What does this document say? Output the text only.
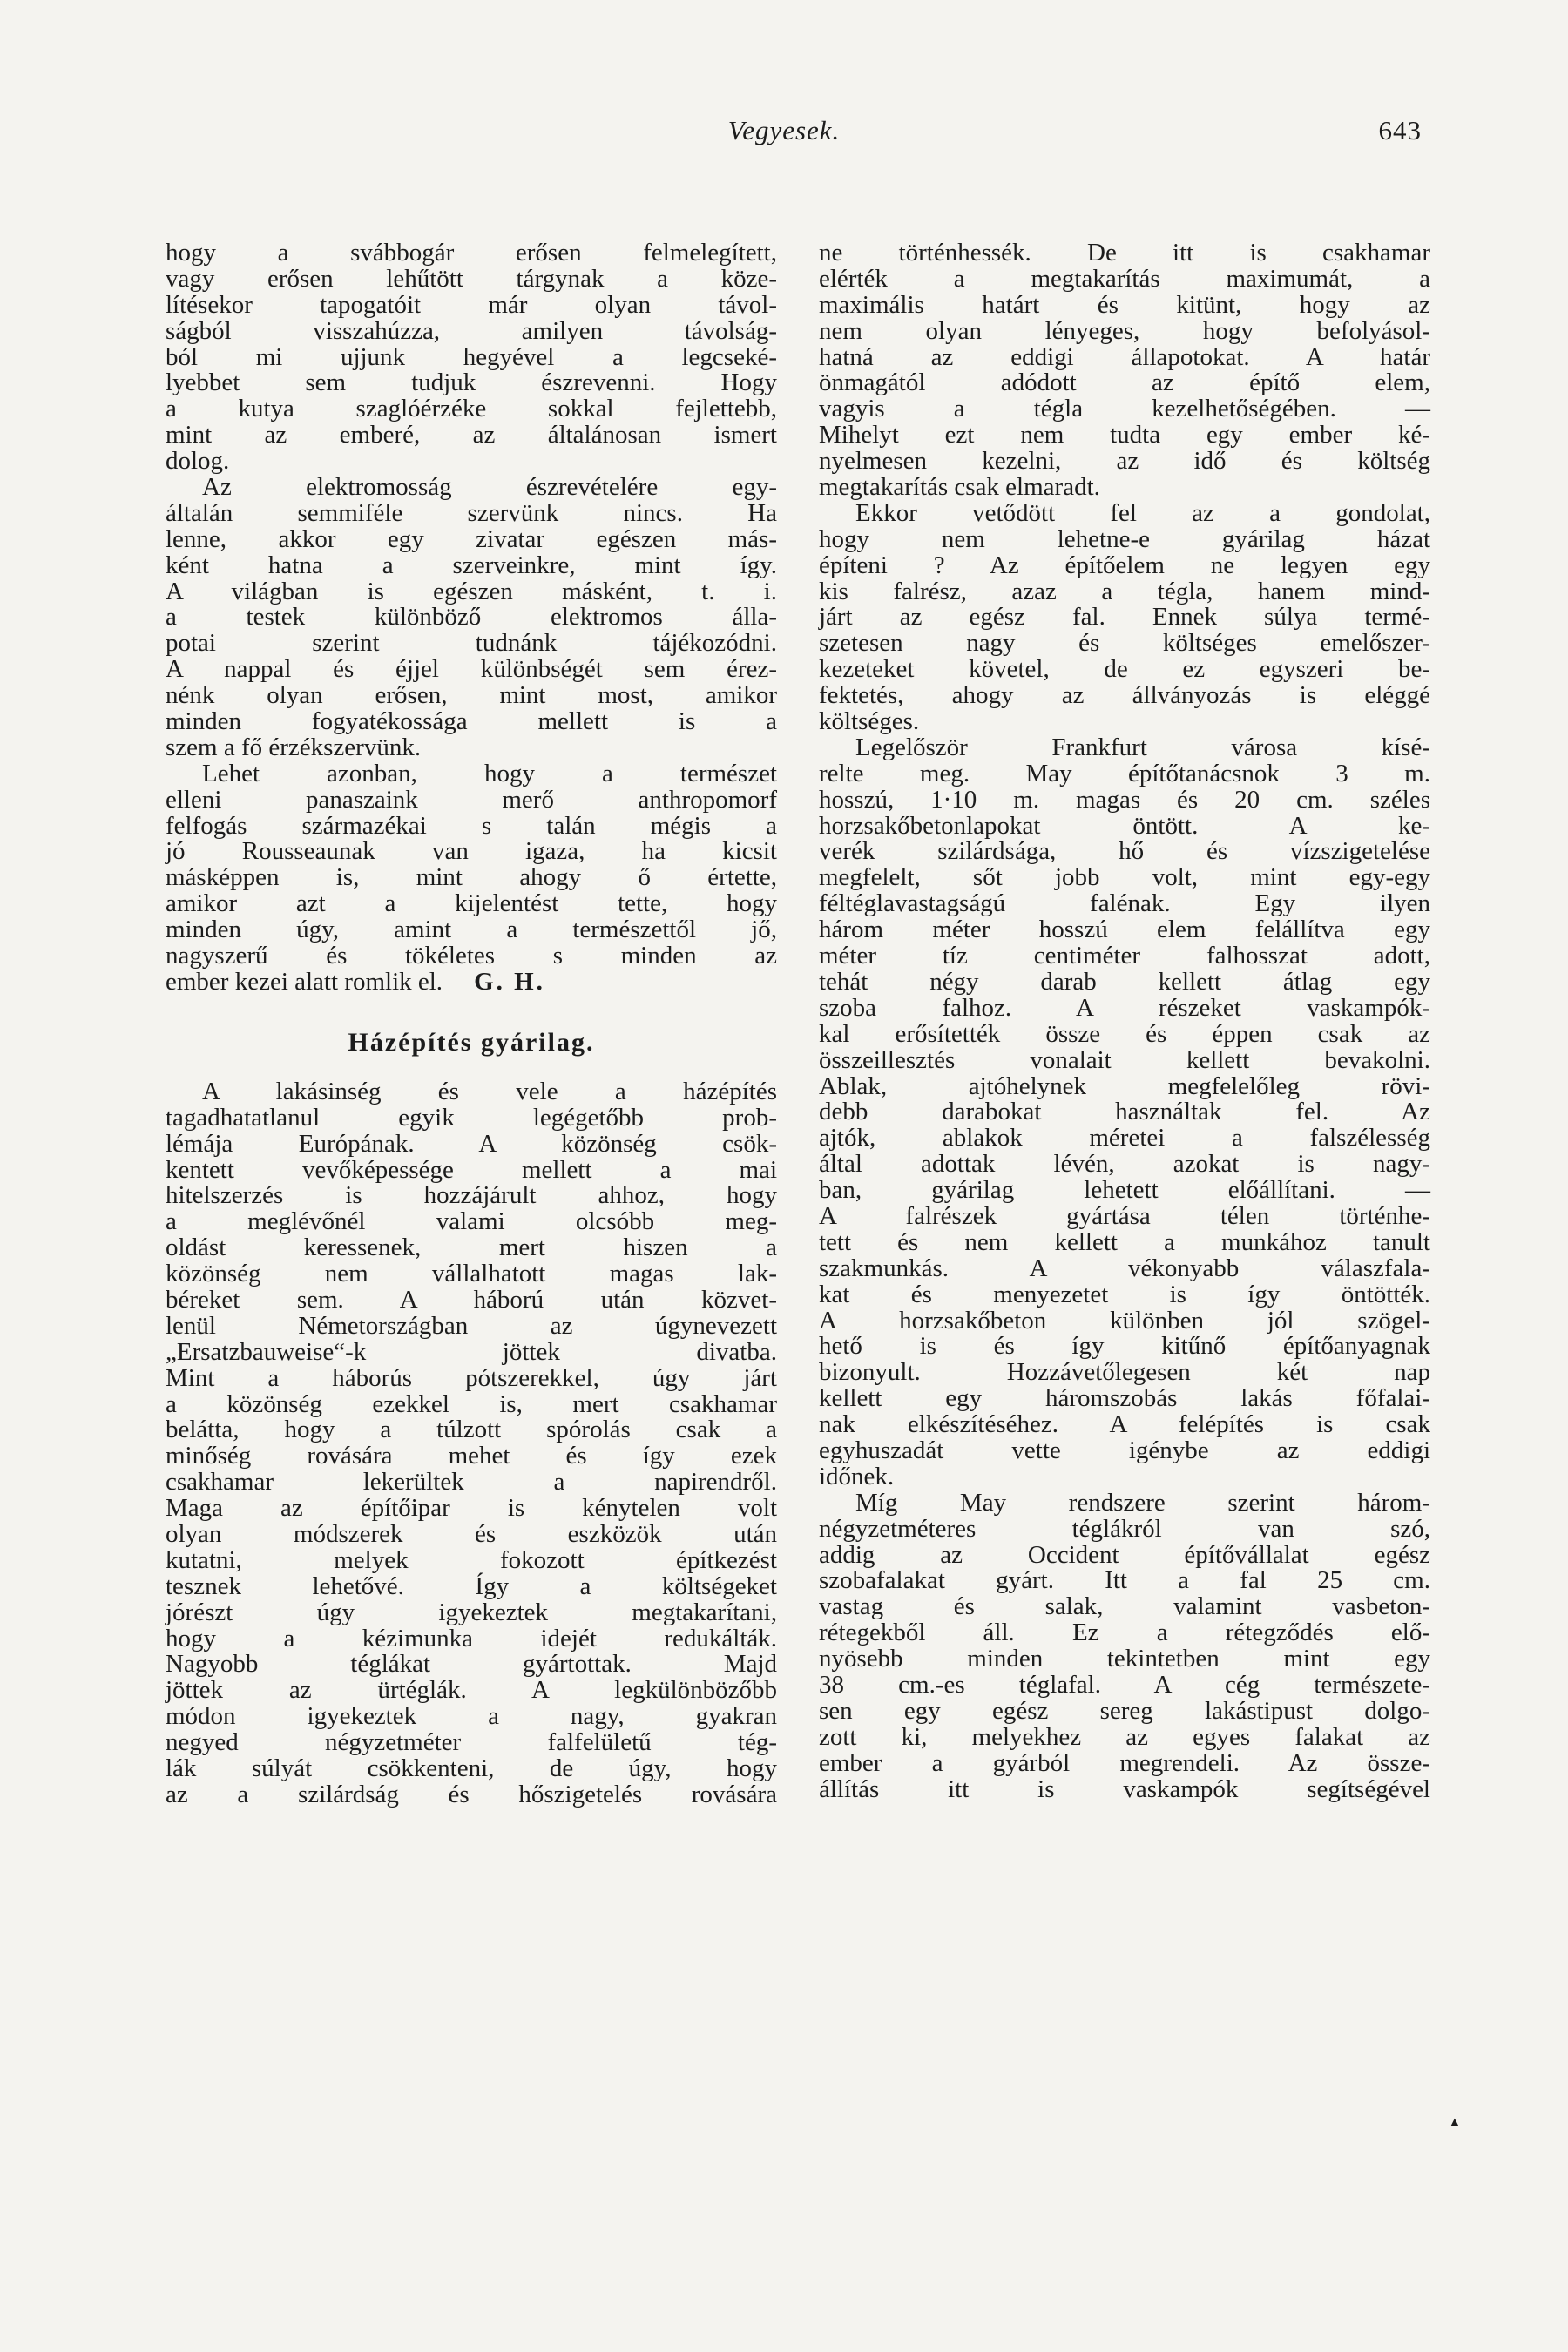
Vegyesek.	643
hogy a svábbogár erősen felmelegített,
vagy erősen lehűtött tárgynak a köze-
lítésekor tapogatóit már olyan távol-
ságból visszahúzza, amilyen távolság-
ból mi ujjunk hegyével a legcseké-
lyebbet sem tudjuk észrevenni. Hogy
a kutya szaglóérzéke sokkal fejlettebb,
mint az emberé, az általánosan ismert
dolog.
Az elektromosság észrevételére egy-
általán semmiféle szervünk nincs. Ha
lenne, akkor egy zivatar egészen más-
ként hatna a szerveinkre, mint így.
A világban is egészen másként, t. i.
a testek különböző elektromos álla-
potai szerint tudnánk tájékozódni.
A nappal és éjjel különbségét sem érez-
nénk olyan erősen, mint most, amikor
minden fogyatékossága mellett is a
szem a fő érzékszervünk.
Lehet azonban, hogy a természet
elleni panaszaink merő anthropomorf
felfogás származékai s talán mégis a
jó Rousseaunak van igaza, ha kicsit
másképpen is, mint ahogy ő értette,
amikor azt a kijelentést tette, hogy
minden úgy, amint a természettől jő,
nagyszerű és tökéletes s minden az
ember kezei alatt romlik el. G. H.
Házépítés gyárilag.
A lakásinség és vele a házépítés
tagadhatatlanul egyik legégetőbb prob-
lémája Európának. A közönség csök-
kentett vevőképessége mellett a mai
hitelszerzés is hozzájárult ahhoz, hogy
a meglévőnél valami olcsóbb meg-
oldást keressenek, mert hiszen a
közönség nem vállalhatott magas lak-
béreket sem. A háború után közvet-
lenül Németországban az úgynevezett
„Ersatzbauweise“-k jöttek divatba.
Mint a háborús pótszerekkel, úgy járt
a közönség ezekkel is, mert csakhamar
belátta, hogy a túlzott spórolás csak a
minőség rovására mehet és így ezek
csakhamar lekerültek a napirendről.
Maga az építőipar is kénytelen volt
olyan módszerek és eszközök után
kutatni, melyek fokozott építkezést
tesznek lehetővé. Így a költségeket
jórészt úgy igyekeztek megtakarítani,
hogy a kézimunka idejét redukálták.
Nagyobb téglákat gyártottak. Majd
jöttek az ürtéglák. A legkülönbözőbb
módon igyekeztek a nagy, gyakran
negyed négyzetméter falfelületű tég-
lák súlyát csökkenteni, de úgy, hogy
az a szilárdság és hőszigetelés rovására
ne történhessék. De itt is csakhamar
elérték a megtakarítás maximumát, a
maximális határt és kitünt, hogy az
nem olyan lényeges, hogy befolyásol-
hatná az eddigi állapotokat. A határ
önmagától adódott az építő elem,
vagyis a tégla kezelhetőségében. —
Mihelyt ezt nem tudta egy ember ké-
nyelmesen kezelni, az idő és költség
megtakarítás csak elmaradt.
Ekkor vetődött fel az a gondolat,
hogy nem lehetne-e gyárilag házat
építeni ? Az építőelem ne legyen egy
kis falrész, azaz a tégla, hanem mind-
járt az egész fal. Ennek súlya termé-
szetesen nagy és költséges emelőszer-
kezeteket követel, de ez egyszeri be-
fektetés, ahogy az állványozás is eléggé
költséges.
Legelőször Frankfurt városa kísé-
relte meg. May építőtanácsnok 3 m.
hosszú, 1·10 m. magas és 20 cm. széles
horzsakőbetonlapokat öntött. A ke-
verék szilárdsága, hő és vízszigetelése
megfelelt, sőt jobb volt, mint egy-egy
féltéglavastagságú falénak. Egy ilyen
három méter hosszú elem felállítva egy
méter tíz centiméter falhosszat adott,
tehát négy darab kellett átlag egy
szoba falhoz. A részeket vaskampók-
kal erősítették össze és éppen csak az
összeillesztés vonalait kellett bevakolni.
Ablak, ajtóhelynek megfelelőleg rövi-
debb darabokat használtak fel. Az
ajtók, ablakok méretei a falszélesség
által adottak lévén, azokat is nagy-
ban, gyárilag lehetett előállítani. —
A falrészek gyártása télen történhe-
tett és nem kellett a munkához tanult
szakmunkás. A vékonyabb válaszfala-
kat és menyezetet is így öntötték.
A horzsakőbeton különben jól szögel-
hető is és így kitűnő építőanyagnak
bizonyult. Hozzávetőlegesen két nap
kellett egy háromszobás lakás főfalai-
nak elkészítéséhez. A felépítés is csak
egyhuszadát vette igénybe az eddigi
időnek.
Míg May rendszere szerint három-
négyzetméteres téglákról van szó,
addig az Occident építővállalat egész
szobafalakat gyárt. Itt a fal 25 cm.
vastag és salak, valamint vasbeton-
rétegekből áll. Ez a rétegződés elő-
nyösebb minden tekintetben mint egy
38 cm.-es téglafal. A cég természete-
sen egy egész sereg lakástipust dolgo-
zott ki, melyekhez az egyes falakat az
ember a gyárból megrendeli. Az össze-
állítás itt is vaskampók segítségével
▲
